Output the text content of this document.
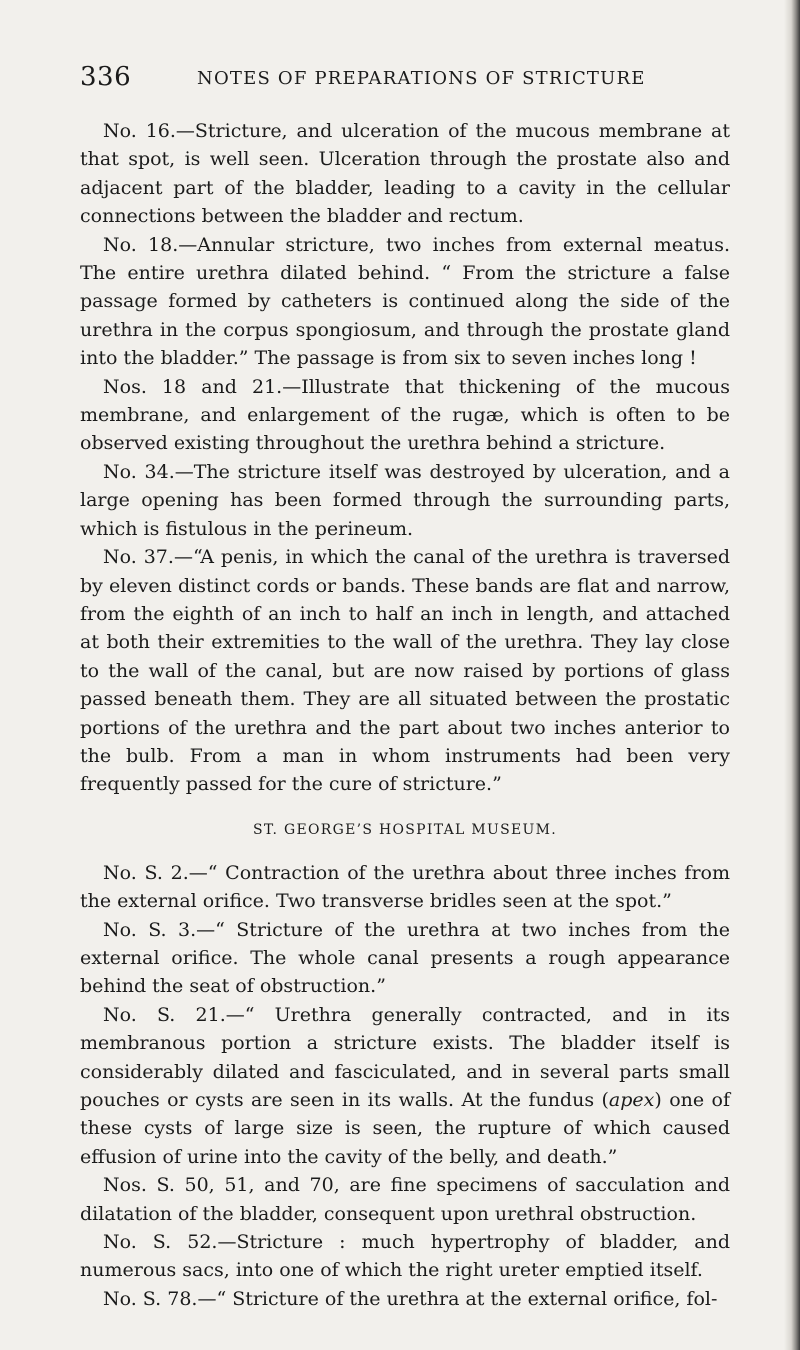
336	NOTES OF PREPARATIONS OF STRICTURE

No. 16.—Stricture, and ulceration of the mucous membrane at that spot, is well seen. Ulceration through the prostate also and adjacent part of the bladder, leading to a cavity in the cellular connections between the bladder and rectum.

No. 18.—Annular stricture, two inches from external meatus. The entire urethra dilated behind. “ From the stricture a false passage formed by catheters is continued along the side of the urethra in the corpus spongiosum, and through the prostate gland into the bladder.” The passage is from six to seven inches long !

Nos. 18 and 21.—Illustrate that thickening of the mucous membrane, and enlargement of the rugæ, which is often to be observed existing throughout the urethra behind a stricture.

No. 34.—The stricture itself was destroyed by ulceration, and a large opening has been formed through the surrounding parts, which is fistulous in the perineum.

No. 37.—“A penis, in which the canal of the urethra is traversed by eleven distinct cords or bands. These bands are flat and narrow, from the eighth of an inch to half an inch in length, and attached at both their extremities to the wall of the urethra. They lay close to the wall of the canal, but are now raised by portions of glass passed beneath them. They are all situated between the prostatic portions of the urethra and the part about two inches anterior to the bulb. From a man in whom instruments had been very frequently passed for the cure of stricture.”

ST. GEORGE’S HOSPITAL MUSEUM.

No. S. 2.—“ Contraction of the urethra about three inches from the external orifice. Two transverse bridles seen at the spot.”

No. S. 3.—“ Stricture of the urethra at two inches from the external orifice. The whole canal presents a rough appearance behind the seat of obstruction.”

No. S. 21.—“ Urethra generally contracted, and in its membranous portion a stricture exists. The bladder itself is considerably dilated and fasciculated, and in several parts small pouches or cysts are seen in its walls. At the fundus (apex) one of these cysts of large size is seen, the rupture of which caused effusion of urine into the cavity of the belly, and death.”

Nos. S. 50, 51, and 70, are fine specimens of sacculation and dilatation of the bladder, consequent upon urethral obstruction.

No. S. 52.—Stricture : much hypertrophy of bladder, and numerous sacs, into one of which the right ureter emptied itself.

No. S. 78.—“ Stricture of the urethra at the external orifice, fol-
